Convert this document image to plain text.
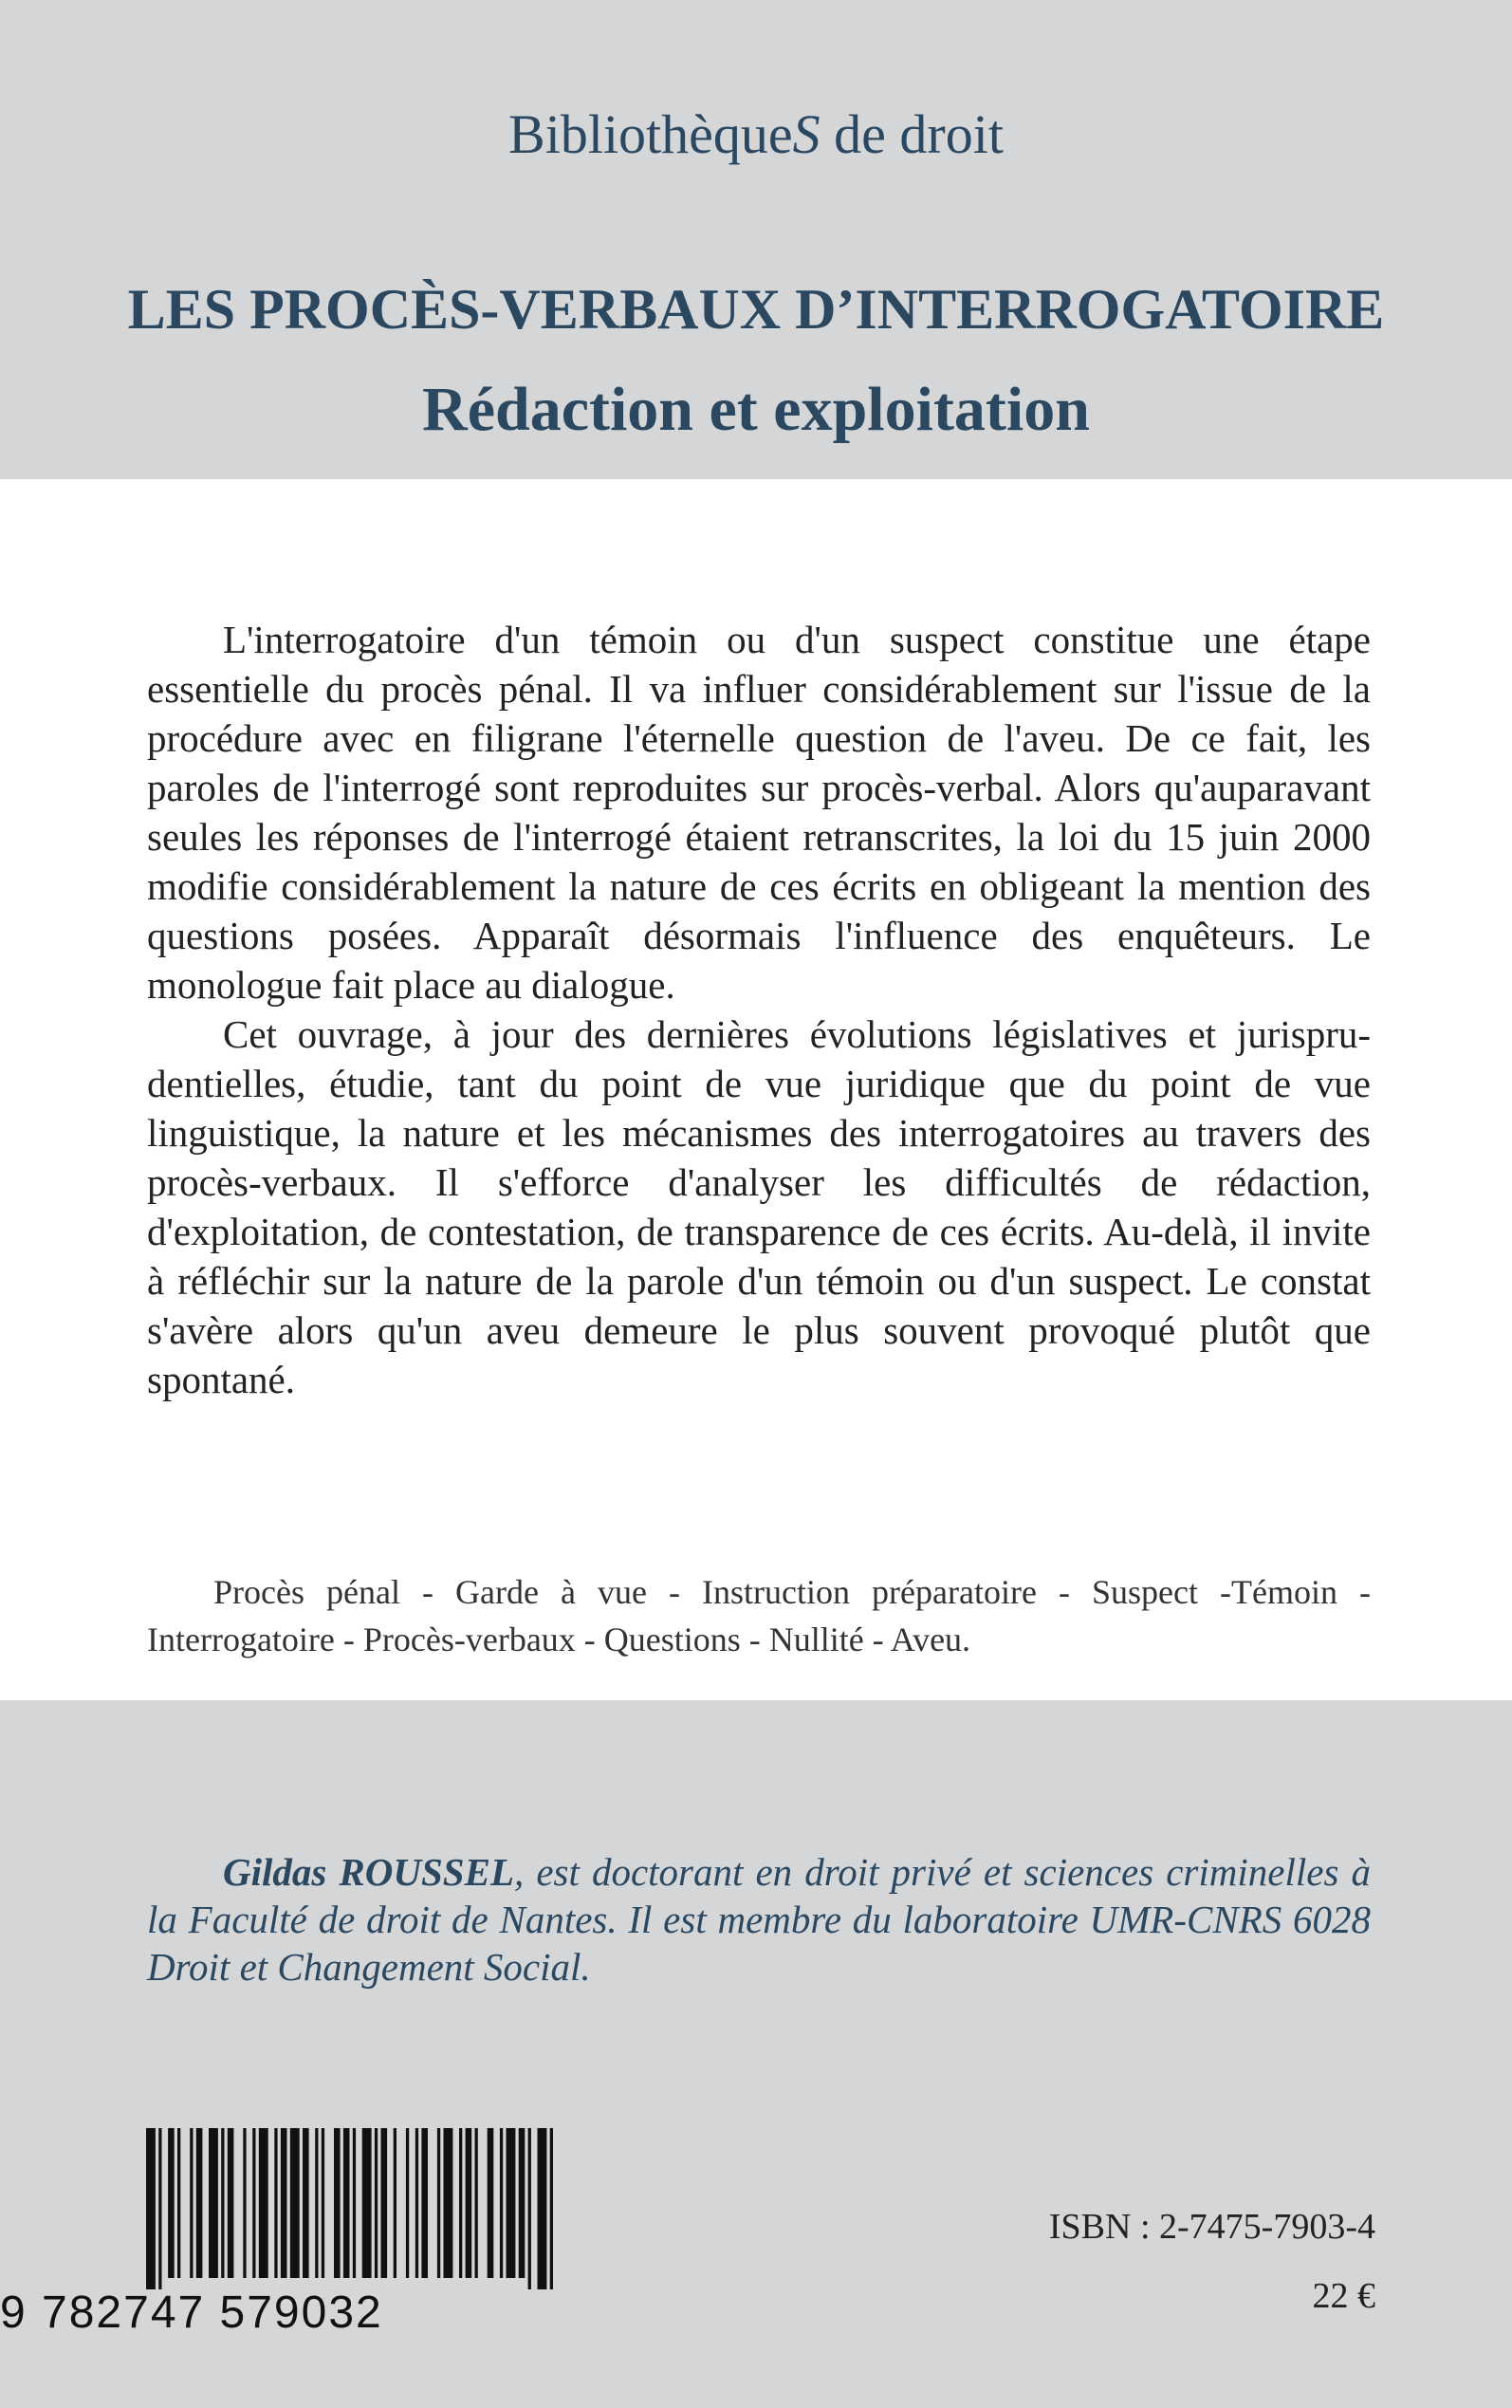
BibliothèqueS de droit
LES PROCÈS-VERBAUX D’INTERROGATOIRE
Rédaction et exploitation

L'interrogatoire d'un témoin ou d'un suspect constitue une étape essentielle du procès pénal. Il va influer considérablement sur l'issue de la procédure avec en filigrane l'éternelle question de l'aveu. De ce fait, les paroles de l'interrogé sont reproduites sur procès-verbal. Alors qu'auparavant seules les réponses de l'interrogé étaient retranscrites, la loi du 15 juin 2000 modifie considérablement la nature de ces écrits en obligeant la mention des questions posées. Apparaît désormais l'influence des enquêteurs. Le monologue fait place au dialogue.

Cet ouvrage, à jour des dernières évolutions législatives et jurispru-dentielles, étudie, tant du point de vue juridique que du point de vue linguistique, la nature et les mécanismes des interrogatoires au travers des procès-verbaux. Il s'efforce d'analyser les difficultés de rédaction, d'exploitation, de contestation, de transparence de ces écrits. Au-delà, il invite à réfléchir sur la nature de la parole d'un témoin ou d'un suspect. Le constat s'avère alors qu'un aveu demeure le plus souvent provoqué plutôt que spontané.

Procès pénal - Garde à vue - Instruction préparatoire - Suspect -Témoin - Interrogatoire - Procès-verbaux - Questions - Nullité - Aveu.
Gildas ROUSSEL, est doctorant en droit privé et sciences criminelles à la Faculté de droit de Nantes. Il est membre du laboratoire UMR-CNRS 6028 Droit et Changement Social.
9 782747 579032
ISBN : 2-7475-7903-4
22 €
